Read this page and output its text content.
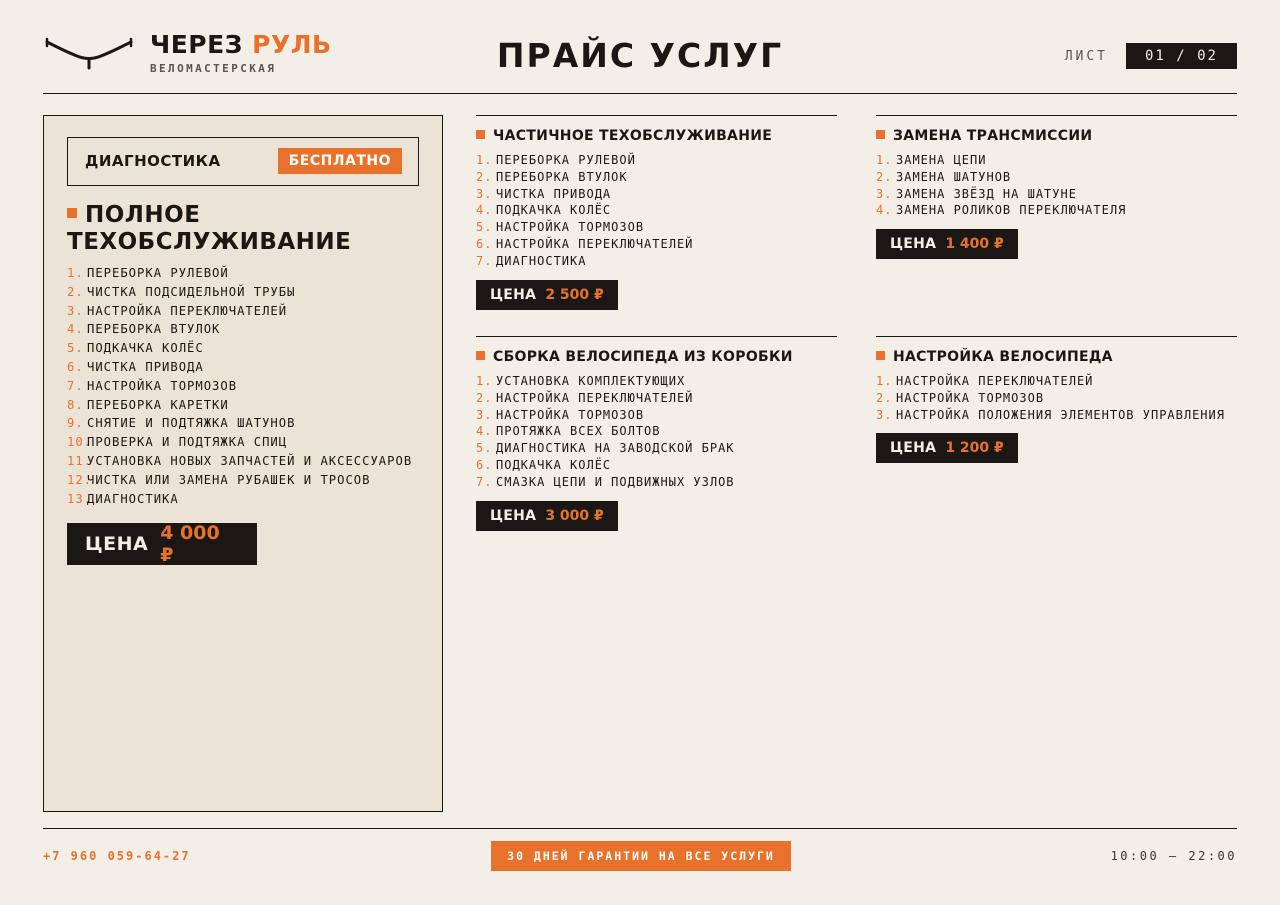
ЧЕРЕЗ РУЛЬ
ВЕЛОМАСТЕРСКАЯ	ПРАЙС УСЛУГ	ЛИСТ	01 / 02
ДИАГНОСТИКА	БЕСПЛАТНО
ПОЛНОЕ
ТЕХОБСЛУЖИВАНИЕ
1. ПЕРЕБОРКА РУЛЕВОЙ
2. ЧИСТКА ПОДСИДЕЛЬНОЙ ТРУБЫ
3. НАСТРОЙКА ПЕРЕКЛЮЧАТЕЛЕЙ
4. ПЕРЕБОРКА ВТУЛОК
5. ПОДКАЧКА КОЛЁС
6. ЧИСТКА ПРИВОДА
7. НАСТРОЙКА ТОРМОЗОВ
8. ПЕРЕБОРКА КАРЕТКИ
9. СНЯТИЕ И ПОДТЯЖКА ШАТУНОВ
10.ПРОВЕРКА И ПОДТЯЖКА СПИЦ
11.УСТАНОВКА НОВЫХ ЗАПЧАСТЕЙ И АКСЕССУАРОВ
12.ЧИСТКА ИЛИ ЗАМЕНА РУБАШЕК И ТРОСОВ
13.ДИАГНОСТИКА
ЦЕНА 4 000 ₽
ЧАСТИЧНОЕ ТЕХОБСЛУЖИВАНИЕ
1. ПЕРЕБОРКА РУЛЕВОЙ
2. ПЕРЕБОРКА ВТУЛОК
3. ЧИСТКА ПРИВОДА
4. ПОДКАЧКА КОЛЁС
5. НАСТРОЙКА ТОРМОЗОВ
6. НАСТРОЙКА ПЕРЕКЛЮЧАТЕЛЕЙ
7. ДИАГНОСТИКА
ЦЕНА 2 500 ₽
ЗАМЕНА ТРАНСМИССИИ
1. ЗАМЕНА ЦЕПИ
2. ЗАМЕНА ШАТУНОВ
3. ЗАМЕНА ЗВЁЗД НА ШАТУНЕ
4. ЗАМЕНА РОЛИКОВ ПЕРЕКЛЮЧАТЕЛЯ
ЦЕНА 1 400 ₽
СБОРКА ВЕЛОСИПЕДА ИЗ КОРОБКИ
1. УСТАНОВКА КОМПЛЕКТУЮЩИХ
2. НАСТРОЙКА ПЕРЕКЛЮЧАТЕЛЕЙ
3. НАСТРОЙКА ТОРМОЗОВ
4. ПРОТЯЖКА ВСЕХ БОЛТОВ
5. ДИАГНОСТИКА НА ЗАВОДСКОЙ БРАК
6. ПОДКАЧКА КОЛЁС
7. СМАЗКА ЦЕПИ И ПОДВИЖНЫХ УЗЛОВ
ЦЕНА 3 000 ₽
НАСТРОЙКА ВЕЛОСИПЕДА
1. НАСТРОЙКА ПЕРЕКЛЮЧАТЕЛЕЙ
2. НАСТРОЙКА ТОРМОЗОВ
3. НАСТРОЙКА ПОЛОЖЕНИЯ ЭЛЕМЕНТОВ УПРАВЛЕНИЯ
ЦЕНА 1 200 ₽
+7 960 059-64-27	30 ДНЕЙ ГАРАНТИИ НА ВСЕ УСЛУГИ	10:00 — 22:00
